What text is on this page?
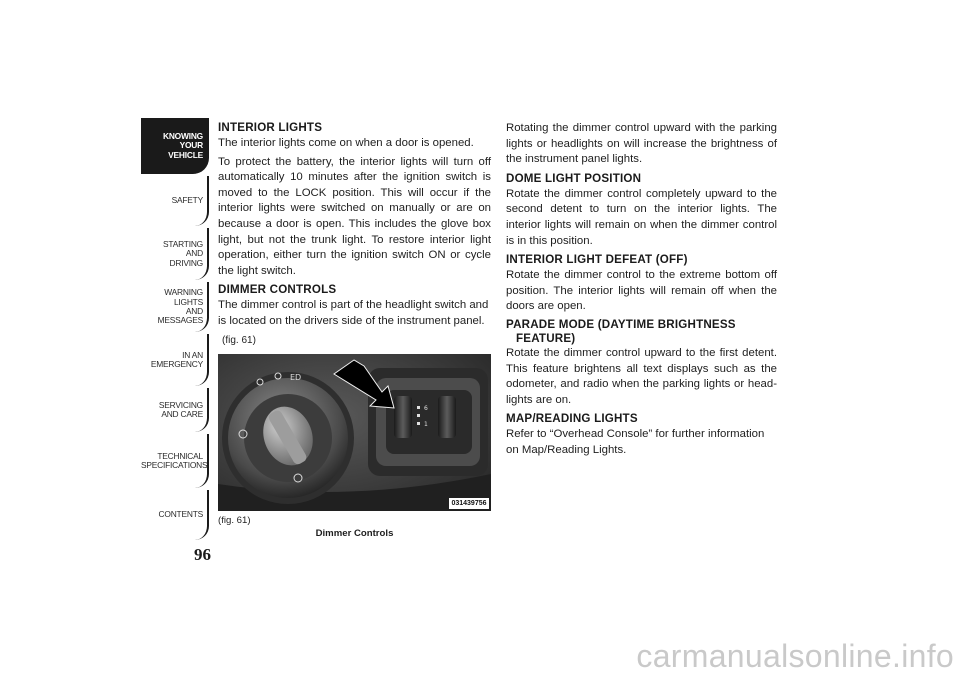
KNOWING
YOUR
VEHICLE
SAFETY
STARTING
AND
DRIVING
WARNING
LIGHTS
AND
MESSAGES
IN AN
EMERGENCY
SERVICING
AND CARE
TECHNICAL
SPECIFICATIONS
CONTENTS
96
INTERIOR LIGHTS

The interior lights come on when a door is opened.

To protect the battery, the interior lights will turn off automatically 10 minutes after the ignition switch is moved to the LOCK position. This will occur if the interior lights were switched on manually or are on because a door is open. This includes the glove box light, but not the trunk light. To restore interior light operation, either turn the ignition switch ON or cycle the light switch.

DIMMER CONTROLS

The dimmer control is part of the headlight switch and is located on the drivers side of the instrument panel.

(fig. 61)
ED
6
1
031439756
(fig. 61)
Dimmer Controls

Rotating the dimmer control upward with the parking lights or headlights on will increase the brightness of the instrument panel lights.

DOME LIGHT POSITION

Rotate the dimmer control completely upward to the second detent to turn on the interior lights. The interior lights will remain on when the dimmer control is in this position.

INTERIOR LIGHT DEFEAT (OFF)

Rotate the dimmer control to the extreme bottom off position. The interior lights will remain off when the doors are open.

PARADE MODE (DAYTIME BRIGHTNESS
FEATURE)

Rotate the dimmer control upward to the first detent. This feature brightens all text displays such as the odometer, and radio when the parking lights or head-lights are on.

MAP/READING LIGHTS

Refer to “Overhead Console” for further information on Map/Reading Lights.

carmanualsonline.info
